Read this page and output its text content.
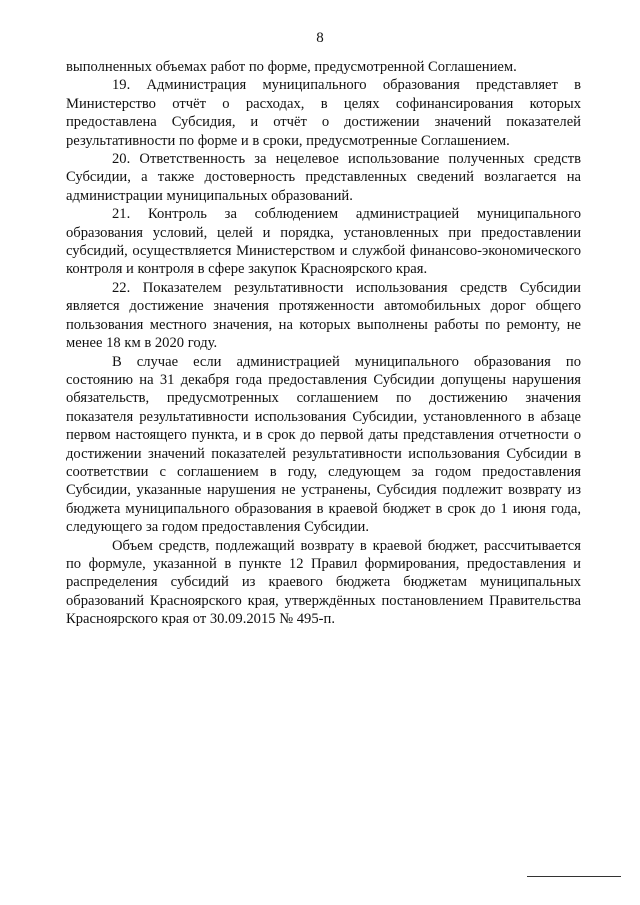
8

выполненных объемах работ по форме, предусмотренной Соглашением.

19. Администрация муниципального образования представляет в Министерство отчёт о расходах, в целях софинансирования которых предоставлена Субсидия, и отчёт о достижении значений показателей результативности по форме и в сроки, предусмотренные Соглашением.

20. Ответственность за нецелевое использование полученных средств Субсидии, а также достоверность представленных сведений возлагается на администрации муниципальных образований.

21. Контроль за соблюдением администрацией муниципального образования условий, целей и порядка, установленных при предоставлении субсидий, осуществляется Министерством и службой финансово-экономического контроля и контроля в сфере закупок Красноярского края.

22. Показателем результативности использования средств Субсидии является достижение значения протяженности автомобильных дорог общего пользования местного значения, на которых выполнены работы по ремонту, не менее 18 км в 2020 году.

В случае если администрацией муниципального образования по состоянию на 31 декабря года предоставления Субсидии допущены нарушения обязательств, предусмотренных соглашением по достижению значения показателя результативности использования Субсидии, установленного в абзаце первом настоящего пункта, и в срок до первой даты представления отчетности о достижении значений показателей результативности использования Субсидии в соответствии с соглашением в году, следующем за годом предоставления Субсидии, указанные нарушения не устранены, Субсидия подлежит возврату из бюджета муниципального образования в краевой бюджет в срок до 1 июня года, следующего за годом предоставления Субсидии.

Объем средств, подлежащий возврату в краевой бюджет, рассчитывается по формуле, указанной в пункте 12 Правил формирования, предоставления и распределения субсидий из краевого бюджета бюджетам муниципальных образований Красноярского края, утверждённых постановлением Правительства Красноярского края от 30.09.2015 № 495-п.
